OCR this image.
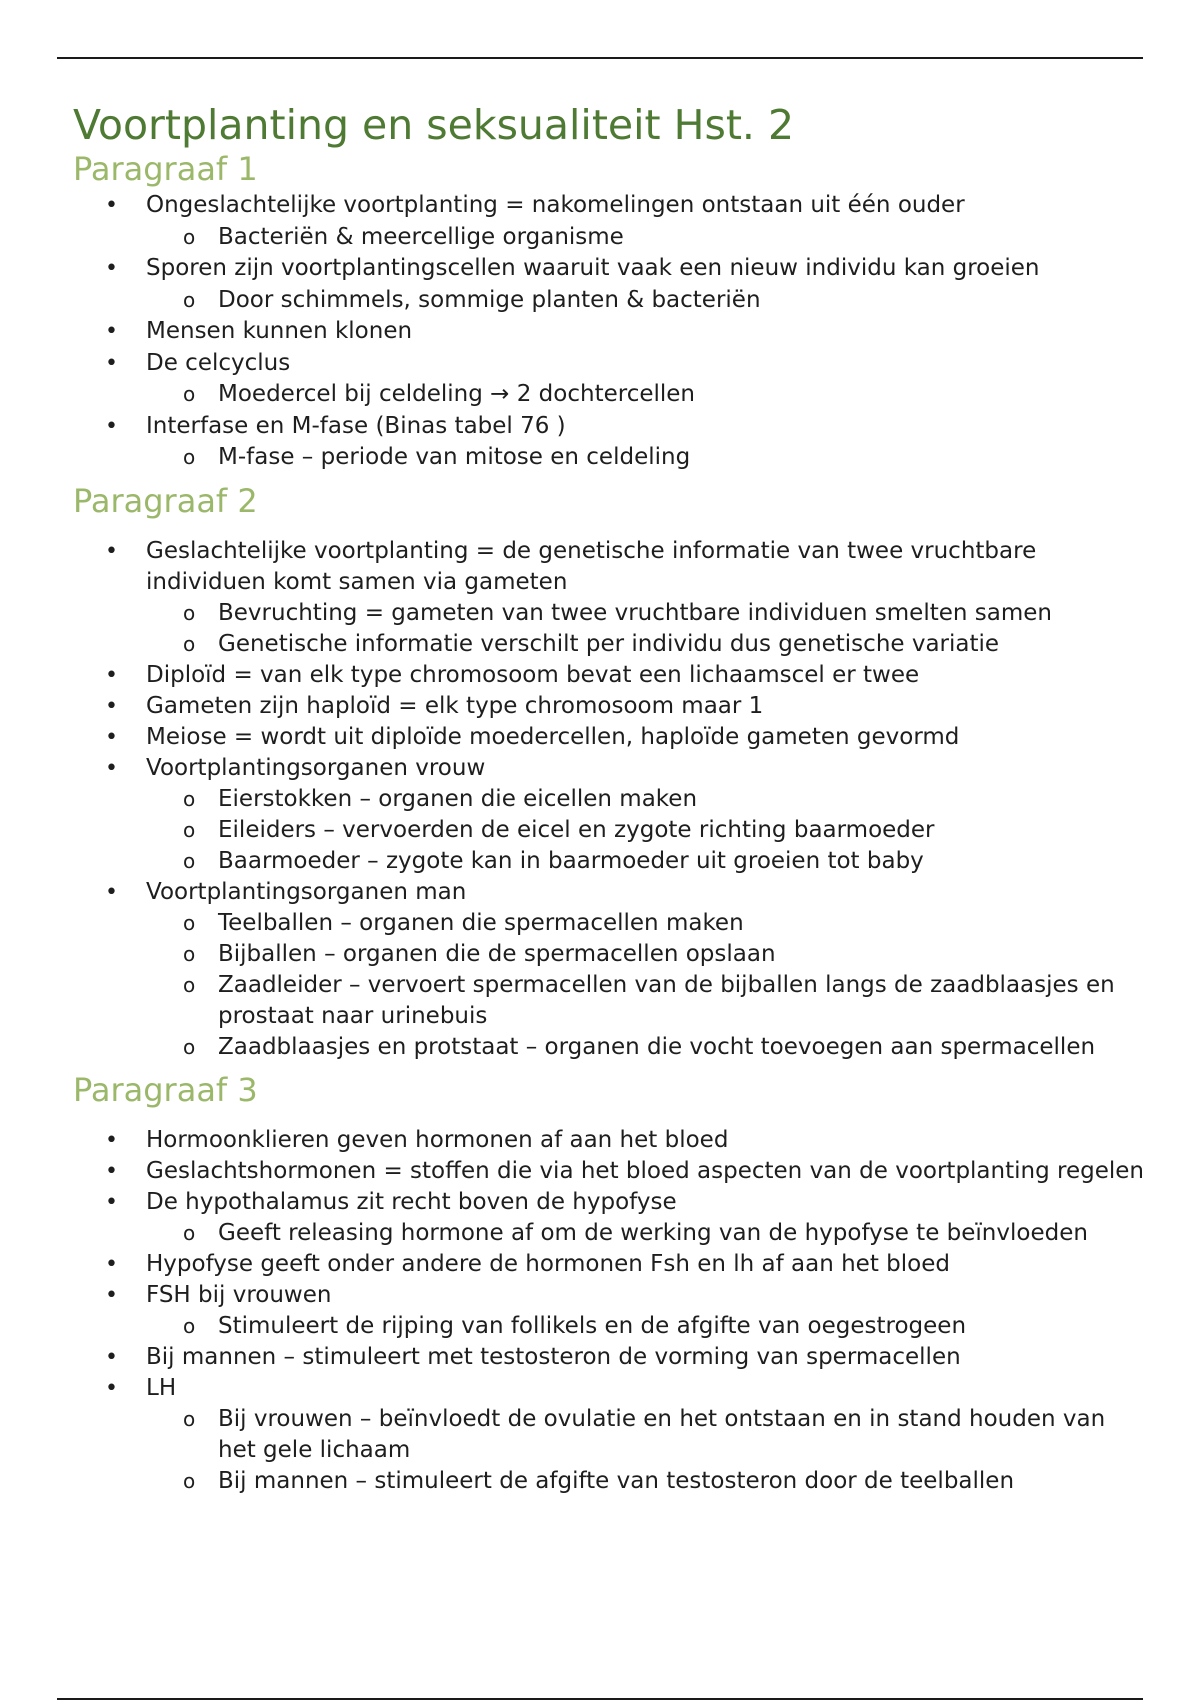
Voortplanting en seksualiteit Hst. 2
Paragraaf 1
• Ongeslachtelijke voortplanting = nakomelingen ontstaan uit één ouder
o Bacteriën & meercellige organisme
• Sporen zijn voortplantingscellen waaruit vaak een nieuw individu kan groeien
o Door schimmels, sommige planten & bacteriën
• Mensen kunnen klonen
• De celcyclus
o Moedercel bij celdeling → 2 dochtercellen
• Interfase en M-fase (Binas tabel 76 )
o M-fase – periode van mitose en celdeling
Paragraaf 2
• Geslachtelijke voortplanting = de genetische informatie van twee vruchtbare individuen komt samen via gameten
o Bevruchting = gameten van twee vruchtbare individuen smelten samen
o Genetische informatie verschilt per individu dus genetische variatie
• Diploïd = van elk type chromosoom bevat een lichaamscel er twee
• Gameten zijn haploïd = elk type chromosoom maar 1
• Meiose = wordt uit diploïde moedercellen, haploïde gameten gevormd
• Voortplantingsorganen vrouw
o Eierstokken – organen die eicellen maken
o Eileiders – vervoerden de eicel en zygote richting baarmoeder
o Baarmoeder – zygote kan in baarmoeder uit groeien tot baby
• Voortplantingsorganen man
o Teelballen – organen die spermacellen maken
o Bijballen – organen die de spermacellen opslaan
o Zaadleider – vervoert spermacellen van de bijballen langs de zaadblaasjes en prostaat naar urinebuis
o Zaadblaasjes en protstaat – organen die vocht toevoegen aan spermacellen
Paragraaf 3
• Hormoonklieren geven hormonen af aan het bloed
• Geslachtshormonen = stoffen die via het bloed aspecten van de voortplanting regelen
• De hypothalamus zit recht boven de hypofyse
o Geeft releasing hormone af om de werking van de hypofyse te beïnvloeden
• Hypofyse geeft onder andere de hormonen Fsh en lh af aan het bloed
• FSH bij vrouwen
o Stimuleert de rijping van follikels en de afgifte van oegestrogeen
• Bij mannen – stimuleert met testosteron de vorming van spermacellen
• LH
o Bij vrouwen – beïnvloedt de ovulatie en het ontstaan en in stand houden van het gele lichaam
o Bij mannen – stimuleert de afgifte van testosteron door de teelballen
